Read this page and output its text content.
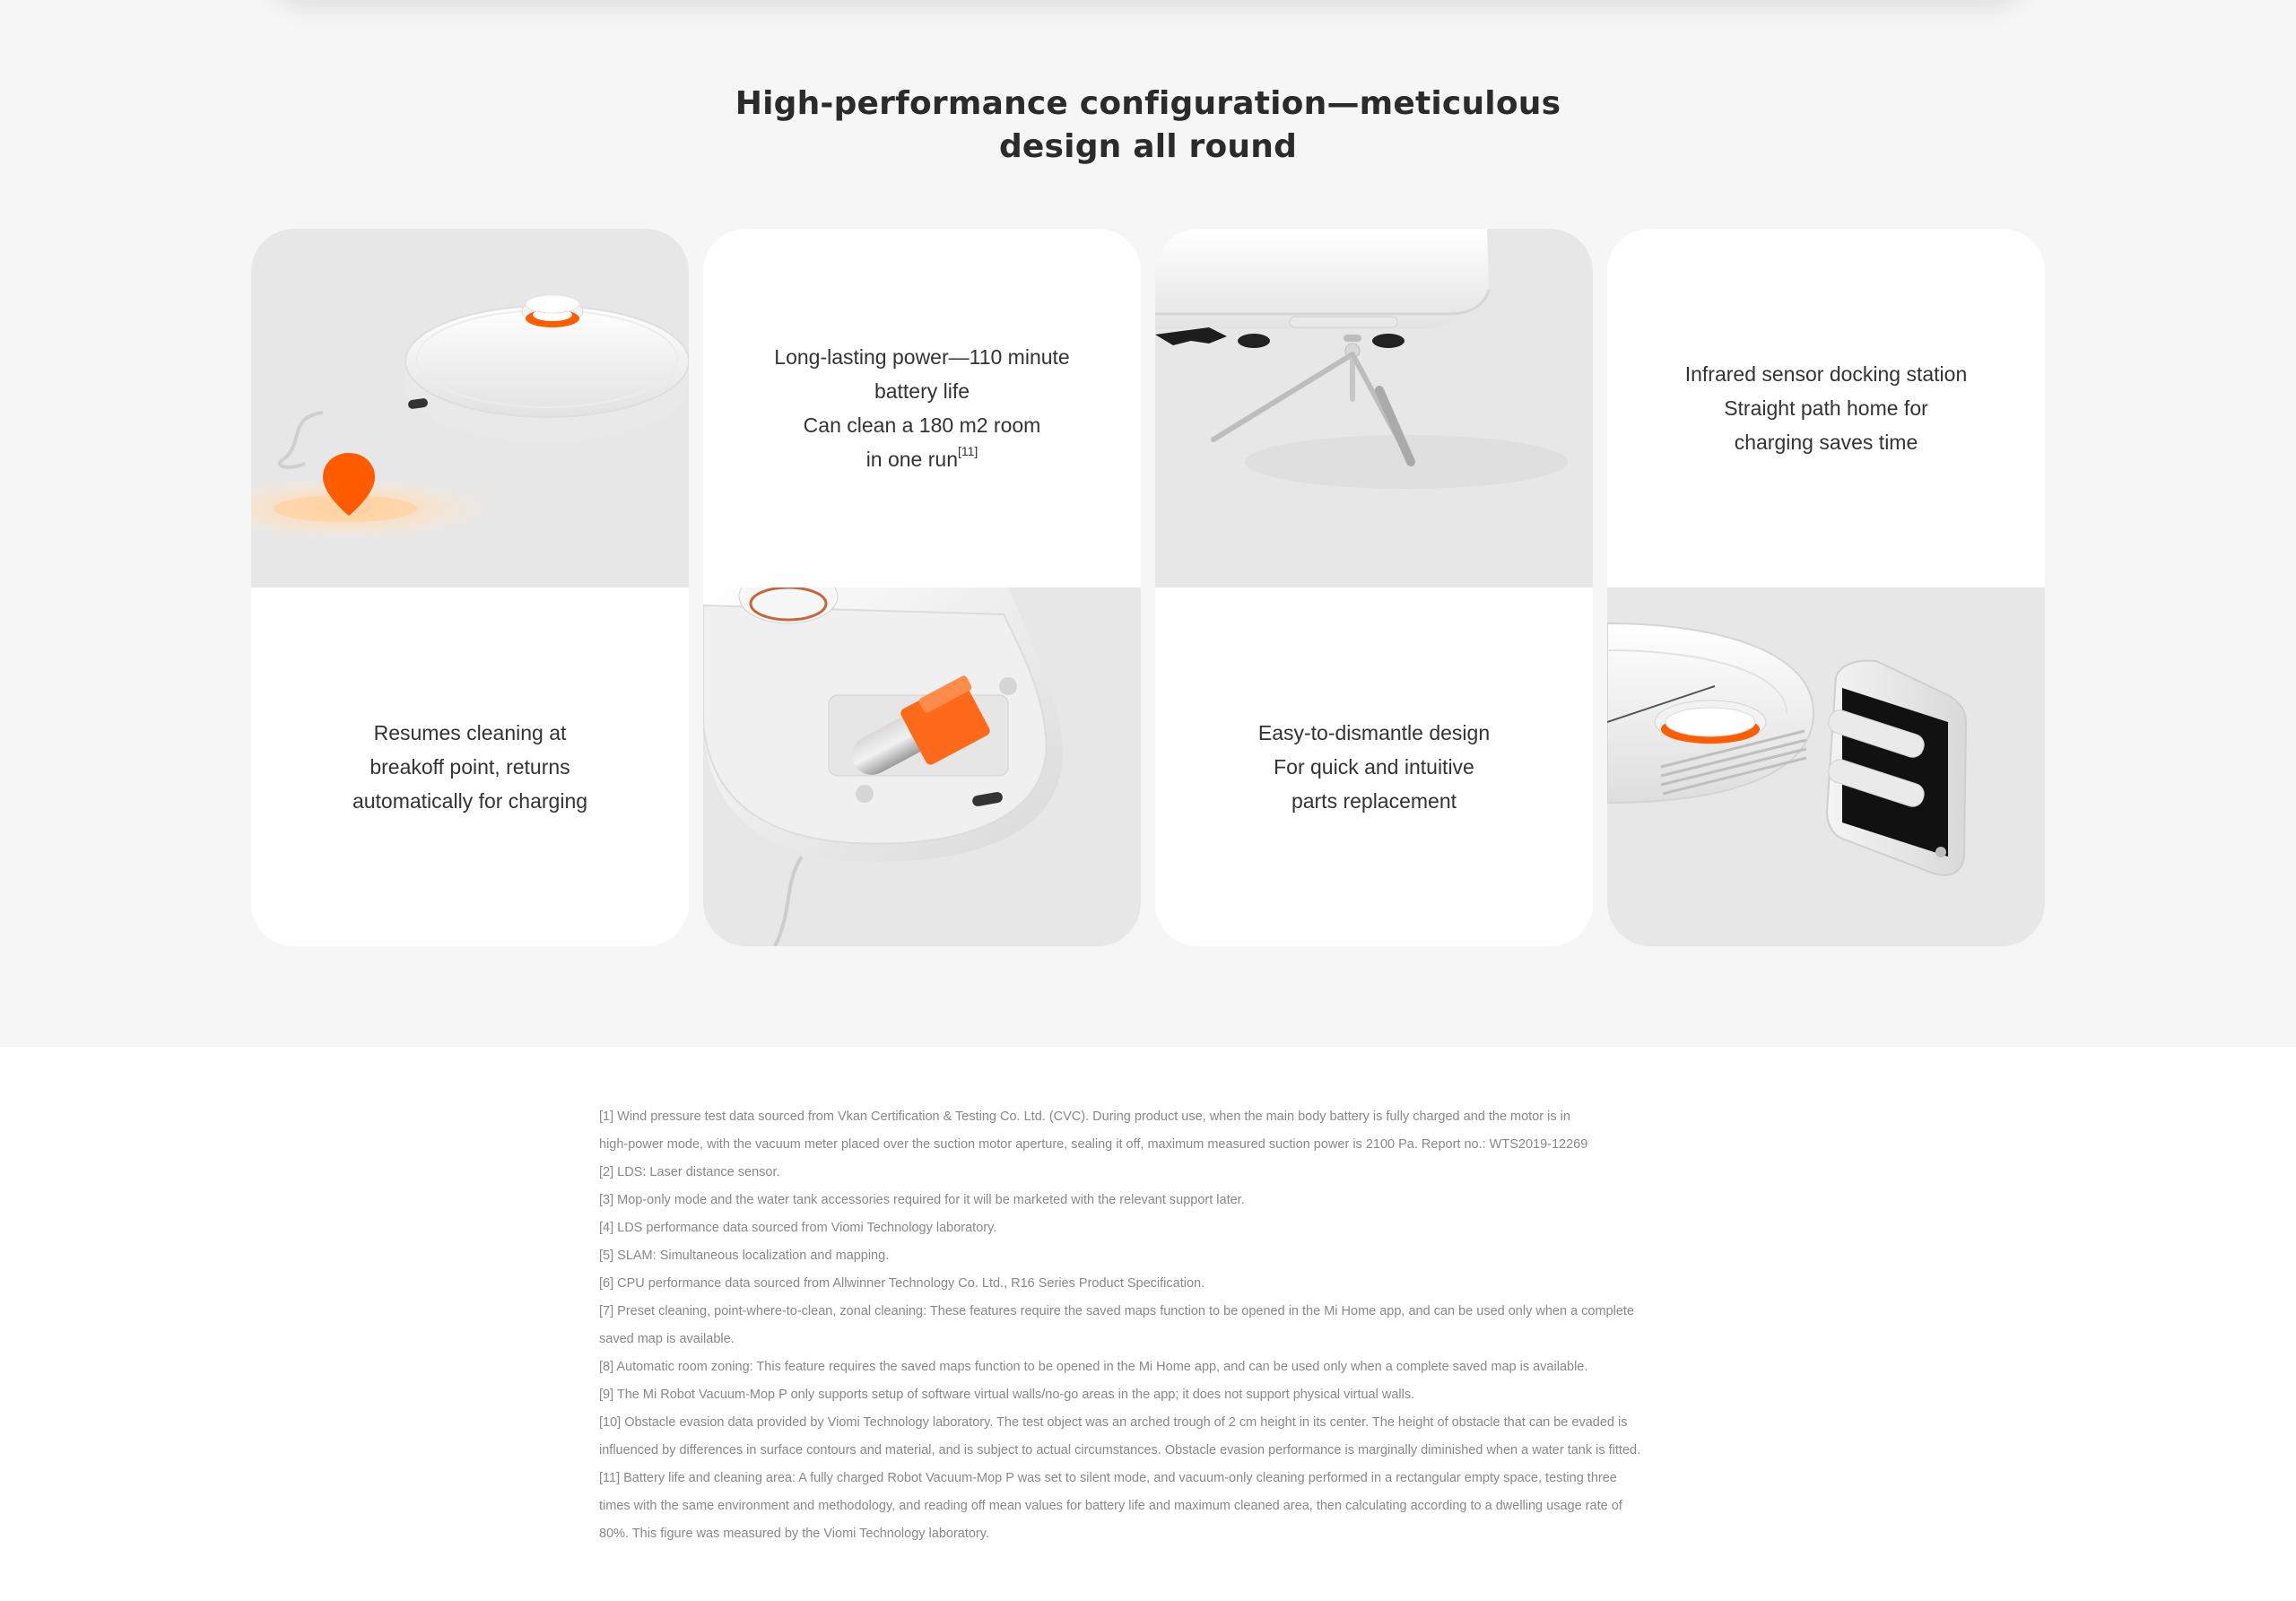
High-performance configuration—meticulous
design all round
Resumes cleaning at
breakoff point, returns
automatically for charging
Long-lasting power—110 minute
battery life
Can clean a 180 m2 room
in one run[11]
Easy-to-dismantle design
For quick and intuitive
parts replacement
Infrared sensor docking station
Straight path home for
charging saves time

[1] Wind pressure test data sourced from Vkan Certification & Testing Co. Ltd. (CVC). During product use, when the main body battery is fully charged and the motor is in

high-power mode, with the vacuum meter placed over the suction motor aperture, sealing it off, maximum measured suction power is 2100 Pa. Report no.: WTS2019-12269

[2] LDS: Laser distance sensor.

[3] Mop-only mode and the water tank accessories required for it will be marketed with the relevant support later.

[4] LDS performance data sourced from Viomi Technology laboratory.

[5] SLAM: Simultaneous localization and mapping.

[6] CPU performance data sourced from Allwinner Technology Co. Ltd., R16 Series Product Specification.

[7] Preset cleaning, point-where-to-clean, zonal cleaning: These features require the saved maps function to be opened in the Mi Home app, and can be used only when a complete

saved map is available.

[8] Automatic room zoning: This feature requires the saved maps function to be opened in the Mi Home app, and can be used only when a complete saved map is available.

[9] The Mi Robot Vacuum-Mop P only supports setup of software virtual walls/no-go areas in the app; it does not support physical virtual walls.

[10] Obstacle evasion data provided by Viomi Technology laboratory. The test object was an arched trough of 2 cm height in its center. The height of obstacle that can be evaded is

influenced by differences in surface contours and material, and is subject to actual circumstances. Obstacle evasion performance is marginally diminished when a water tank is fitted.

[11] Battery life and cleaning area: A fully charged Robot Vacuum-Mop P was set to silent mode, and vacuum-only cleaning performed in a rectangular empty space, testing three

times with the same environment and methodology, and reading off mean values for battery life and maximum cleaned area, then calculating according to a dwelling usage rate of

80%. This figure was measured by the Viomi Technology laboratory.
